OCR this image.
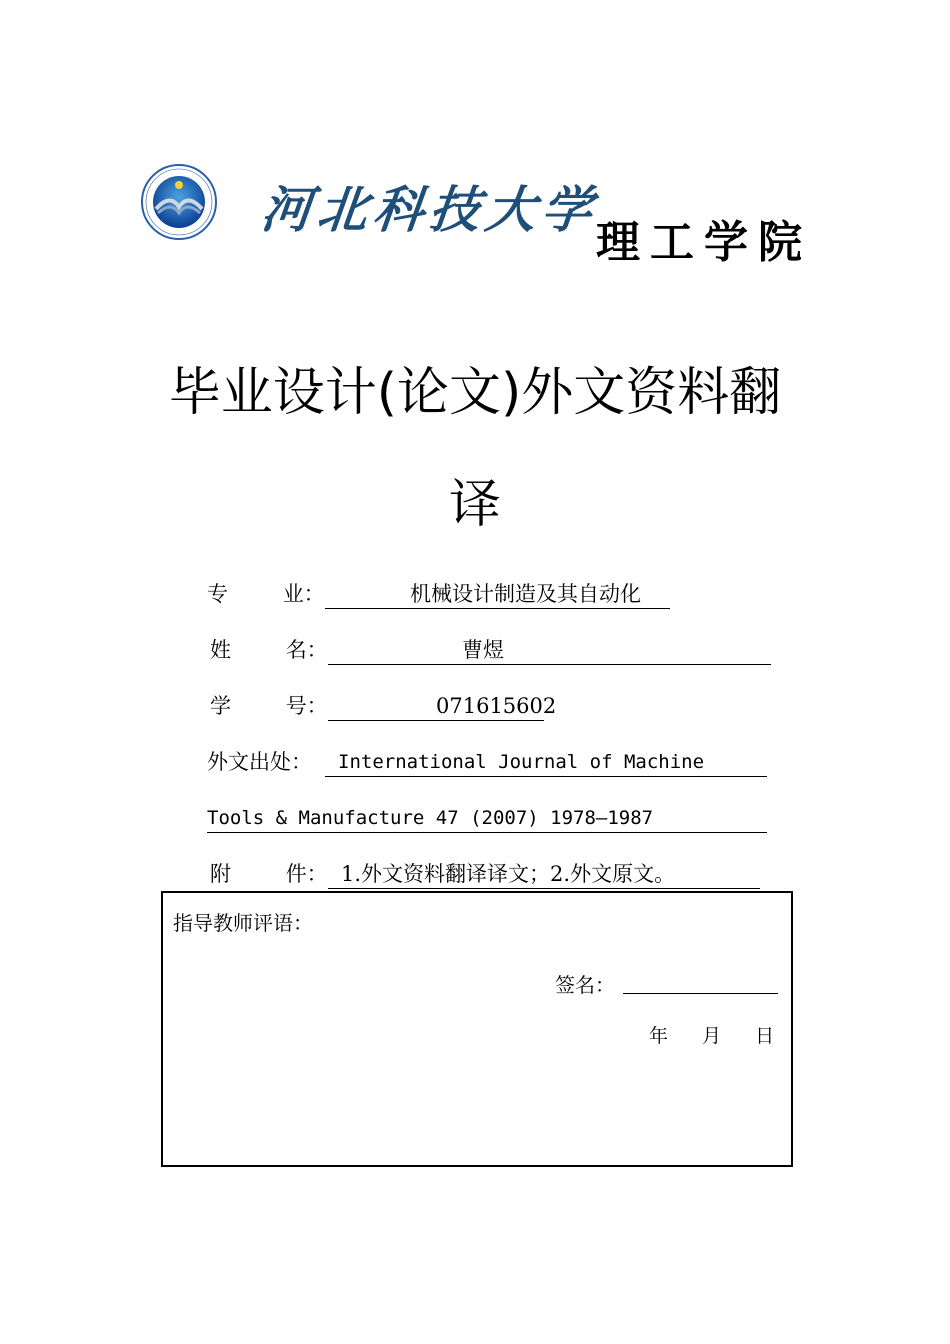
河北科技大学
理工学院
毕业设计(论文)外文资料翻
译
专	业：	机械设计制造及其自动化
姓	名：	曹煜
学	号：	071615602
外文出处： International Journal of Machine
Tools & Manufacture 47 (2007) 1978–1987
附	件： 1.外文资料翻译译文；2.外文原文。
指导教师评语：
签名：
年 月 日
